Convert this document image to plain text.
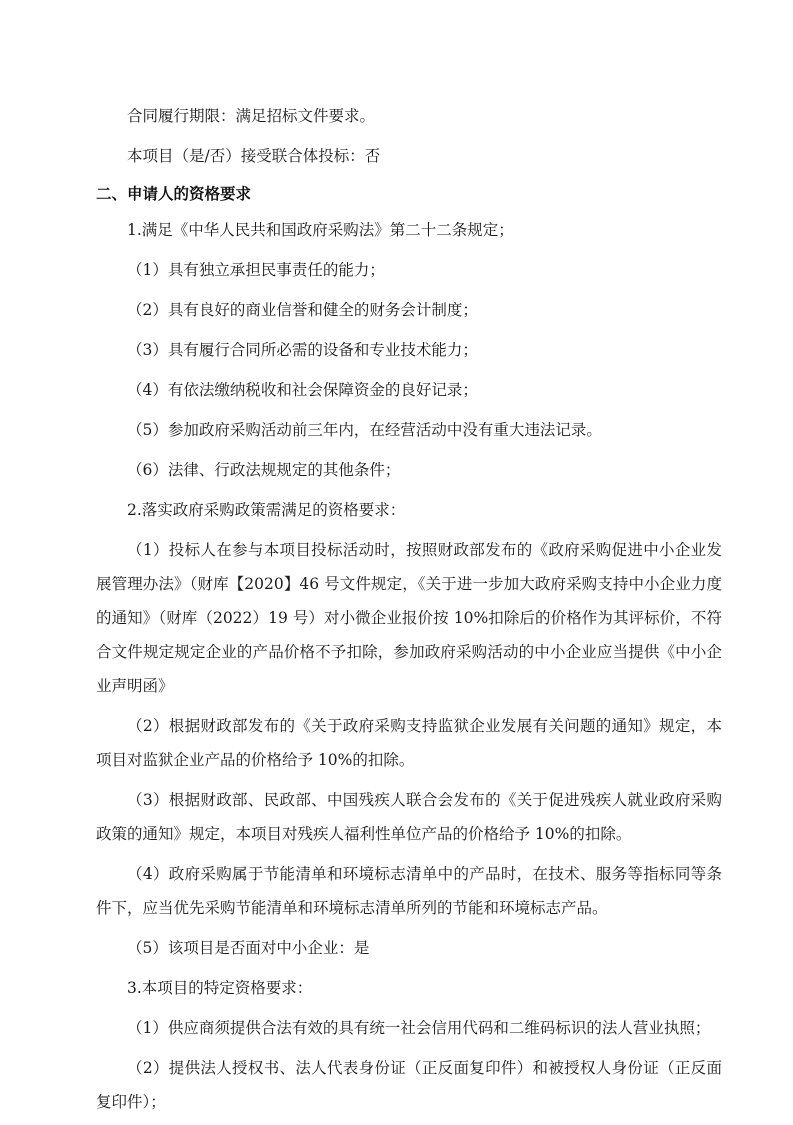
合同履行期限：满足招标文件要求。

本项目（是/否）接受联合体投标：否

二、申请人的资格要求

1.满足《中华人民共和国政府采购法》第二十二条规定；

（1）具有独立承担民事责任的能力；

（2）具有良好的商业信誉和健全的财务会计制度；

（3）具有履行合同所必需的设备和专业技术能力；

（4）有依法缴纳税收和社会保障资金的良好记录；

（5）参加政府采购活动前三年内，在经营活动中没有重大违法记录。

（6）法律、行政法规规定的其他条件；

2.落实政府采购政策需满足的资格要求：

（1）投标人在参与本项目投标活动时，按照财政部发布的《政府采购促进中小企业发展管理办法》（财库【2020】46 号文件规定，《关于进一步加大政府采购支持中小企业力度的通知》（财库（2022）19 号）对小微企业报价按 10%扣除后的价格作为其评标价，不符合文件规定规定企业的产品价格不予扣除，参加政府采购活动的中小企业应当提供《中小企业声明函》

（2）根据财政部发布的《关于政府采购支持监狱企业发展有关问题的通知》规定，本项目对监狱企业产品的价格给予 10%的扣除。

（3）根据财政部、民政部、中国残疾人联合会发布的《关于促进残疾人就业政府采购政策的通知》规定，本项目对残疾人福利性单位产品的价格给予 10%的扣除。

（4）政府采购属于节能清单和环境标志清单中的产品时，在技术、服务等指标同等条件下，应当优先采购节能清单和环境标志清单所列的节能和环境标志产品。

（5）该项目是否面对中小企业：是

3.本项目的特定资格要求：

（1）供应商须提供合法有效的具有统一社会信用代码和二维码标识的法人营业执照；

（2）提供法人授权书、法人代表身份证（正反面复印件）和被授权人身份证（正反面复印件）；
